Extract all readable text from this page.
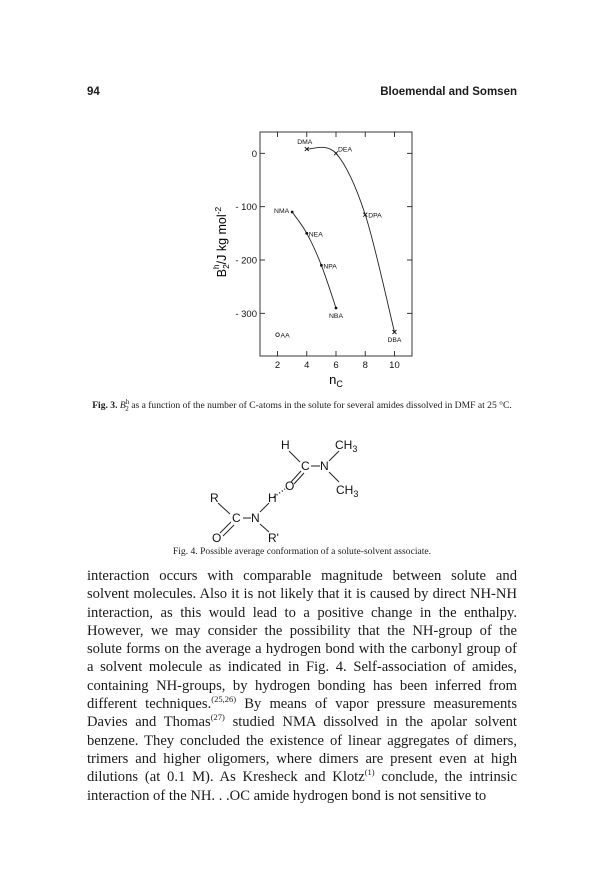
94	Bloemendal and Somsen
2	4	6	8 10
0
- 100
- 200
- 300
DMA
DEA
DPA
DBA
NMA
NEA
NPA
NBA
AA
$n_C$
$B_2h/J$ kg mol$^{-2}$
Fig. 3. $B^h_2$ as a function of the number of C-atoms in the solute for several amides dissolved in DMF at 25 °C.
H	$CH_3$
C N
O	$CH_3$
R	H
C N
O	R'
Fig. 4. Possible average conformation of a solute-solvent associate.

interaction occurs with comparable magnitude between solute and solvent molecules. Also it is not likely that it is caused by direct NH-NH interaction, as this would lead to a positive change in the enthalpy. However, we may consider the possibility that the NH-group of the solute forms on the average a hydrogen bond with the carbonyl group of a solvent molecule as indicated in Fig. 4. Self-association of amides, containing NH-groups, by hydrogen bonding has been inferred from different techniques.$^{(25,26)}$ By means of vapor pressure measurements Davies and Thomas$^{(27)}$ studied NMA dissolved in the apolar solvent benzene. They concluded the existence of linear aggregates of dimers, trimers and higher oligomers, where dimers are present even at high dilutions (at 0.1 M). As Kresheck and Klotz$^{(1)}$ conclude, the intrinsic interaction of the NH. . .OC amide hydrogen bond is not sensitive to
